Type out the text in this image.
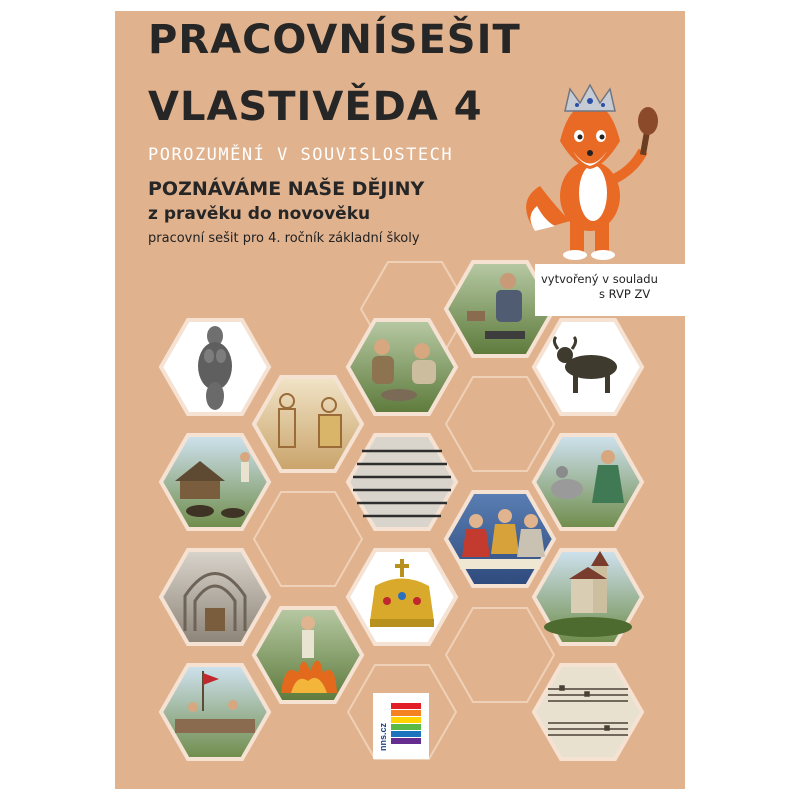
PRACOVNÍSEŠIT
VLASTIVĚDA 4
POROZUMĚNÍ V SOUVISLOSTECH
POZNÁVÁME NAŠE DĚJINY
z pravěku do novověku
pracovní sešit pro 4. ročník základní školy
vytvořený v souladu
s RVP ZV
nns.cz
